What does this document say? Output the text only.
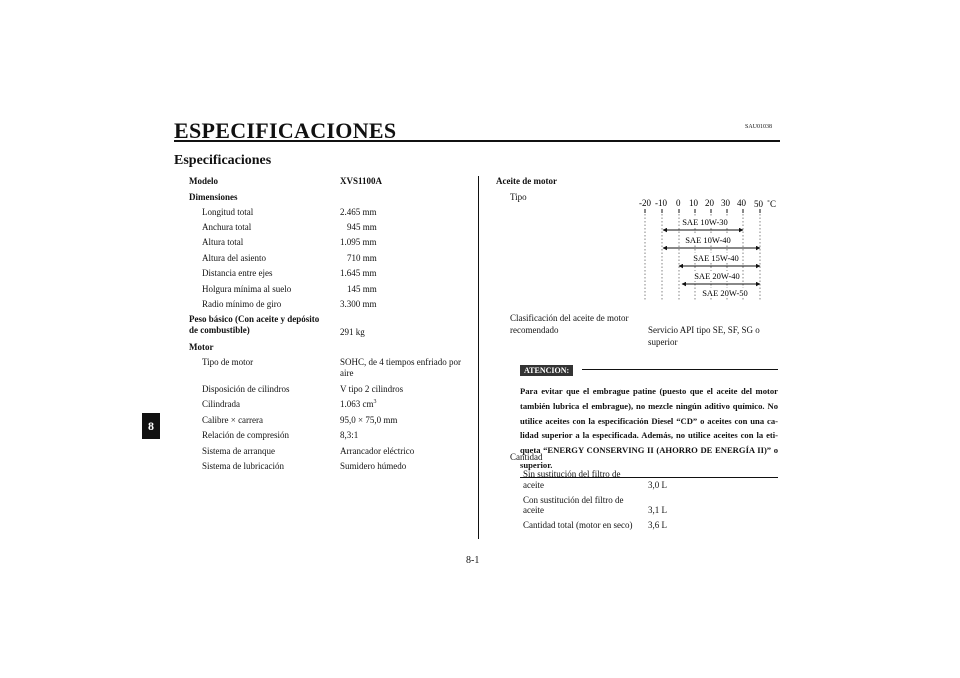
ESPECIFICACIONES	SAU01038
Especificaciones
8
8-1
Modelo	XVS1100A
Dimensiones
Longitud total	2.465 mm
Anchura total	945 mm
Altura total	1.095 mm
Altura del asiento	710 mm
Distancia entre ejes	1.645 mm
Holgura mínima al suelo	145 mm
Radio mínimo de giro	3.300 mm
Peso básico (Con aceite y depósito
de combustible)	291 kg
Motor
Tipo de motor	SOHC, de 4 tiempos enfriado por
aire
Disposición de cilindros	V tipo 2 cilindros
Cilindrada	1.063 $cm^3$
Calibre × carrera	95,0 × 75,0 mm
Relación de compresión	8,3:1
Sistema de arranque	Arrancador eléctrico
Sistema de lubricación	Sumidero húmedo
Aceite de motor
Tipo
-20 -10 0 10 20 30 40 50 ˚C
SAE 10W-30
SAE 10W-40
SAE 15W-40
SAE 20W-40
SAE 20W-50
Clasificación del aceite de motor
recomendado	Servicio API tipo SE, SF, SG o
superior
ATENCION:
Para evitar que el embrague patine (puesto que el aceite del motor también lubrica el embrague), no mezcle ningún aditivo químico. No utilice aceites con la especificación Diesel “CD” o aceites con una ca-lidad superior a la especificada. Además, no utilice aceites con la eti-queta “ENERGY CONSERVING II (AHORRO DE ENERGÍA II)” o superior.
Cantidad
Sin sustitución del filtro de
aceite	3,0 L
Con sustitución del filtro de
aceite	3,1 L
Cantidad total (motor en seco) 3,6 L
